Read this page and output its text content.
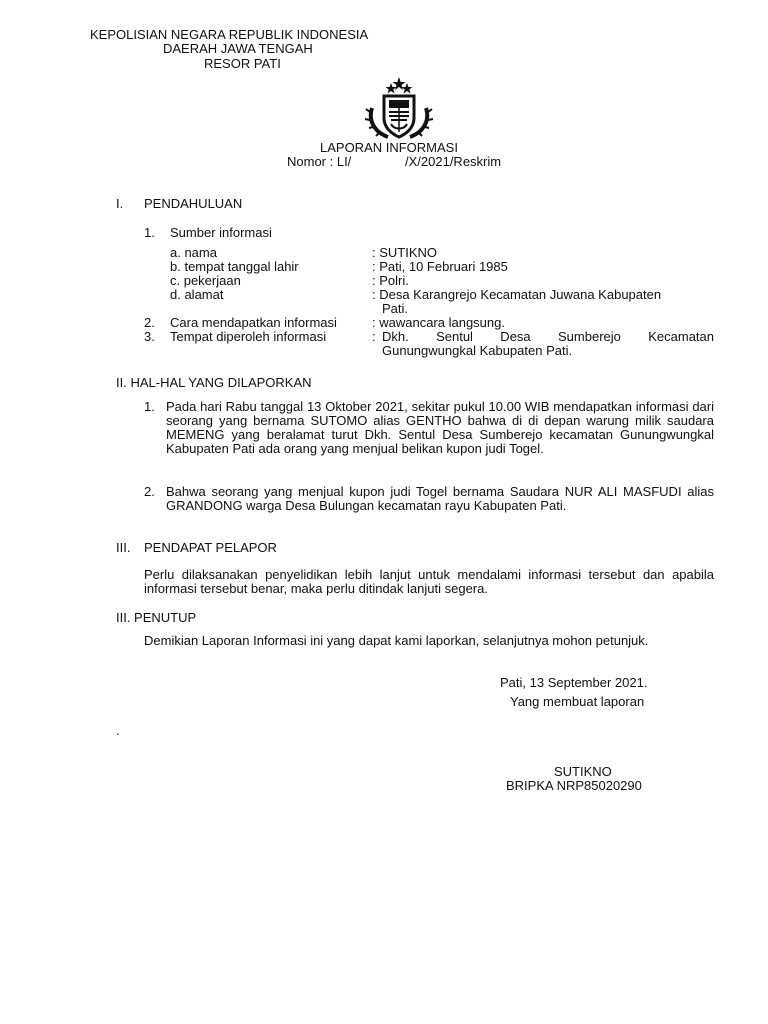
KEPOLISIAN NEGARA REPUBLIK INDONESIA
DAERAH JAWA TENGAH
RESOR PATI
LAPORAN INFORMASI
Nomor : LI/	/X/2021/Reskrim
I. PENDAHULUAN
1. Sumber informasi
a. nama	: SUTIKNO
b. tempat tanggal lahir	: Pati, 10 Februari 1985
c. pekerjaan	: Polri.
d. alamat	: Desa Karangrejo Kecamatan Juwana Kabupaten
Pati.
2. Cara mendapatkan informasi	: wawancara langsung.
3. Tempat diperoleh informasi	: Dkh. Sentul Desa Sumberejo Kecamatan Gunungwungkal Kabupaten Pati.
II. HAL-HAL YANG DILAPORKAN
1. Pada hari Rabu tanggal 13 Oktober 2021, sekitar pukul 10.00 WIB mendapatkan informasi dari seorang yang bernama SUTOMO alias GENTHO bahwa di di depan warung milik saudara MEMENG yang beralamat turut Dkh. Sentul Desa Sumberejo kecamatan Gunungwungkal Kabupaten Pati ada orang yang menjual belikan kupon judi Togel.
2. Bahwa seorang yang menjual kupon judi Togel bernama Saudara NUR ALI MASFUDI alias GRANDONG warga Desa Bulungan kecamatan rayu Kabupaten Pati.
III. PENDAPAT PELAPOR
Perlu dilaksanakan penyelidikan lebih lanjut untuk mendalami informasi tersebut dan apabila informasi tersebut benar, maka perlu ditindak lanjuti segera.
III. PENUTUP
Demikian Laporan Informasi ini yang dapat kami laporkan, selanjutnya mohon petunjuk.
Pati, 13 September 2021.
Yang membuat laporan
.
SUTIKNO
BRIPKA NRP85020290
